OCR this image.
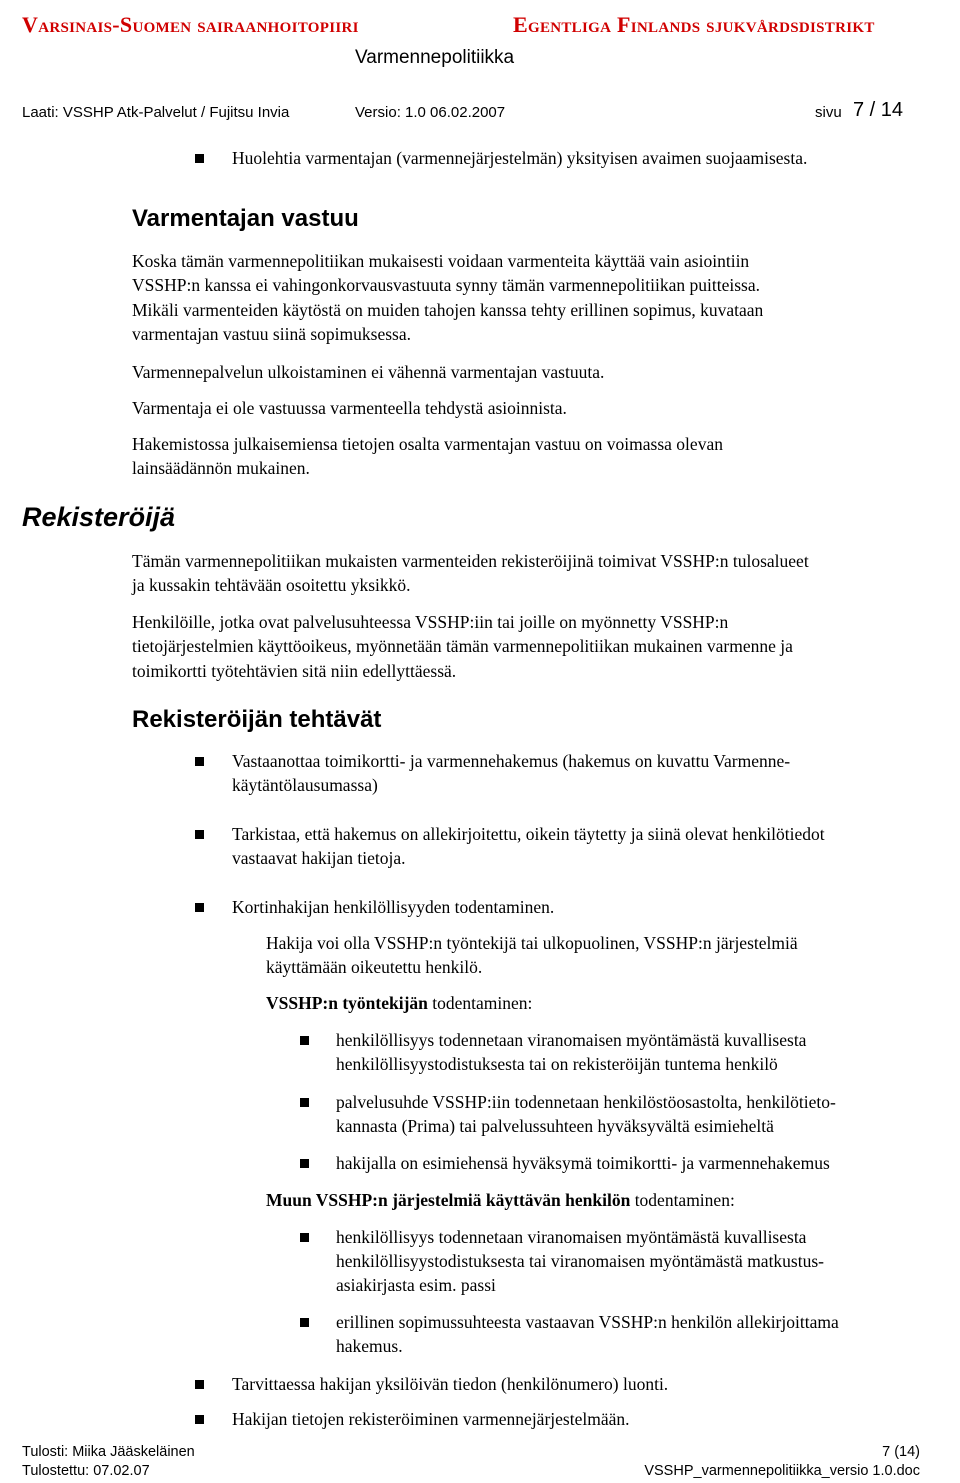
Varsinais-Suomen sairaanhoitopiiri	Egentliga Finlands sjukvårdsdistrikt
Varmennepolitiikka
Laati: VSSHP Atk-Palvelut / Fujitsu Invia	Versio: 1.0 06.02.2007	sivu 7 / 14
Huolehtia varmentajan (varmennejärjestelmän) yksityisen avaimen suojaamisesta.
Varmentajan vastuu
Koska tämän varmennepolitiikan mukaisesti voidaan varmenteita käyttää vain asiointiin
VSSHP:n kanssa ei vahingonkorvausvastuuta synny tämän varmennepolitiikan puitteissa.
Mikäli varmenteiden käytöstä on muiden tahojen kanssa tehty erillinen sopimus, kuvataan
varmentajan vastuu siinä sopimuksessa.
Varmennepalvelun ulkoistaminen ei vähennä varmentajan vastuuta.
Varmentaja ei ole vastuussa varmenteella tehdystä asioinnista.
Hakemistossa julkaisemiensa tietojen osalta varmentajan vastuu on voimassa olevan
lainsäädännön mukainen.
Rekisteröijä
Tämän varmennepolitiikan mukaisten varmenteiden rekisteröijinä toimivat VSSHP:n tulosalueet
ja kussakin tehtävään osoitettu yksikkö.
Henkilöille, jotka ovat palvelusuhteessa VSSHP:iin tai joille on myönnetty VSSHP:n
tietojärjestelmien käyttöoikeus, myönnetään tämän varmennepolitiikan mukainen varmenne ja
toimikortti työtehtävien sitä niin edellyttäessä.
Rekisteröijän tehtävät
Vastaanottaa toimikortti- ja varmennehakemus (hakemus on kuvattu Varmenne-
käytäntölausumassa)
Tarkistaa, että hakemus on allekirjoitettu, oikein täytetty ja siinä olevat henkilötiedot
vastaavat hakijan tietoja.
Kortinhakijan henkilöllisyyden todentaminen.
Hakija voi olla VSSHP:n työntekijä tai ulkopuolinen, VSSHP:n järjestelmiä
käyttämään oikeutettu henkilö.
VSSHP:n työntekijän todentaminen:
henkilöllisyys todennetaan viranomaisen myöntämästä kuvallisesta
henkilöllisyystodistuksesta tai on rekisteröijän tuntema henkilö
palvelusuhde VSSHP:iin todennetaan henkilöstöosastolta, henkilötieto-
kannasta (Prima) tai palvelussuhteen hyväksyvältä esimieheltä
hakijalla on esimiehensä hyväksymä toimikortti- ja varmennehakemus
Muun VSSHP:n järjestelmiä käyttävän henkilön todentaminen:
henkilöllisyys todennetaan viranomaisen myöntämästä kuvallisesta
henkilöllisyystodistuksesta tai viranomaisen myöntämästä matkustus-
asiakirjasta esim. passi
erillinen sopimussuhteesta vastaavan VSSHP:n henkilön allekirjoittama
hakemus.
Tarvittaessa hakijan yksilöivän tiedon (henkilönumero) luonti.
Hakijan tietojen rekisteröiminen varmennejärjestelmään.
Tulosti: Miika Jääskeläinen
Tulostettu: 07.02.07
7 (14)
VSSHP_varmennepolitiikka_versio 1.0.doc
